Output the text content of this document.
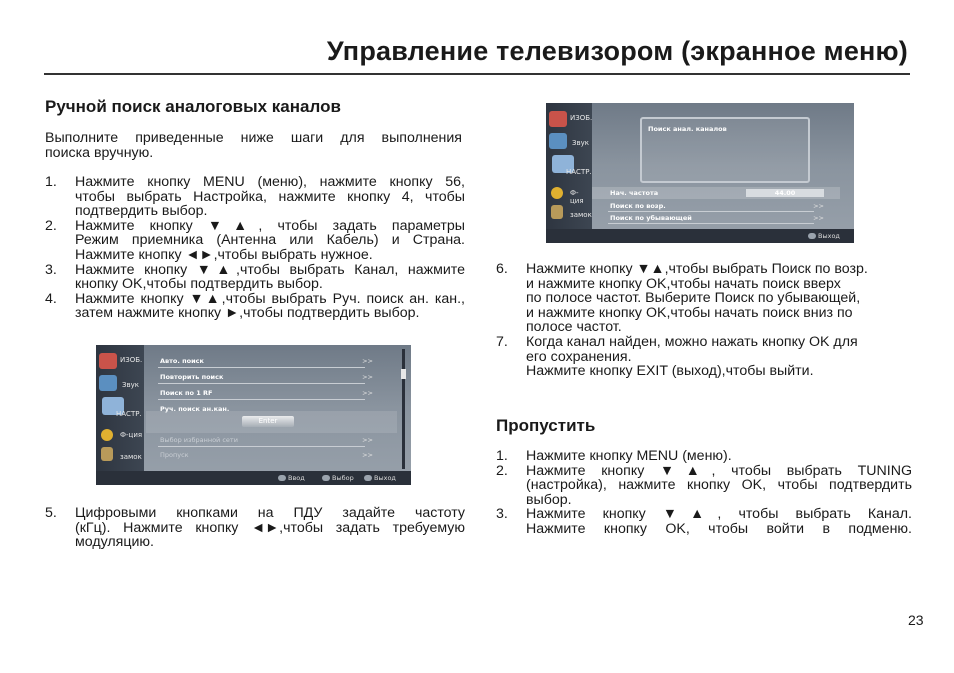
Управление телевизором (экранное меню)
Ручной поиск аналоговых каналов
Выполните приведенные ниже шаги для выполнения
поиска вручную.
1. Нажмите кнопку MENU (меню), нажмите кнопку 56,
чтобы выбрать Настройка, нажмите кнопку 4, чтобы
подтвердить выбор.
2. Нажмите кнопку ▼▲, чтобы задать параметры
Режим приемника (Антенна или Кабель) и Страна.
Нажмите кнопку ◄►,чтобы выбрать нужное.
3. Нажмите кнопку ▼▲,чтобы выбрать Канал, нажмите
кнопку OK,чтобы подтвердить выбор.
4. Нажмите кнопку ▼▲,чтобы выбрать Руч. поиск ан. кан.,
затем нажмите кнопку ►,чтобы подтвердить выбор.
ИЗОБ.
Звук
НАСТР.
Ф-ция
замок
Авто. поиск	>>
Повторить поиск	>>
Поиск по 1 RF	>>
Руч. поиск ан.кан.
Enter
Выбор избранной сети	>>
Пропуск	>>
Ввод	Выбор	Выход
5. Цифровыми кнопками на ПДУ задайте частоту
(кГц). Нажмите кнопку ◄►,чтобы задать требуемую
модуляцию.
ИЗОБ.
Звук
НАСТР.
Ф-ция
замок
Поиск анал. каналов
Нач. частота	44.00
Поиск по возр.	>>
Поиск по убывающей	>>
Выход
6. Нажмите кнопку ▼▲,чтобы выбрать Поиск по возр.
и нажмите кнопку OK,чтобы начать поиск вверх
по полосе частот. Выберите Поиск по убывающей,
и нажмите кнопку OK,чтобы начать поиск вниз по
полосе частот.
7. Когда канал найден, можно нажать кнопку OK для
его сохранения.
Нажмите кнопку EXIT (выход),чтобы выйти.
Пропустить
1. Нажмите кнопку MENU (меню).
2. Нажмите кнопку ▼▲, чтобы выбрать TUNING
(настройка), нажмите кнопку OK, чтобы подтвердить
выбор.
3. Нажмите кнопку ▼▲, чтобы выбрать Канал.
Нажмите кнопку OK, чтобы войти в подменю.
23
